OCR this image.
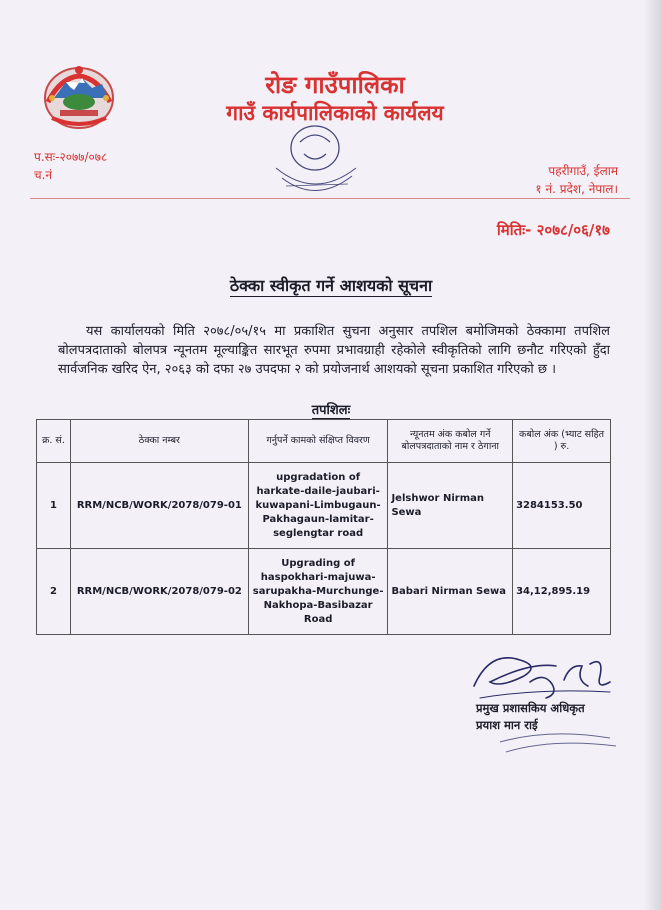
रोङ गाउँपालिका
गाउँ कार्यपालिकाको कार्यलय
प.सः-२०७७/०७८
च.नं	पहरीगाउँ, ईलाम
१ नं. प्रदेश, नेपाल।
मितिः- २०७८/०६/१७
ठेक्का स्वीकृत गर्ने आशयको सूचना
यस कार्यालयको मिति २०७८/०५/१५ मा प्रकाशित सुचना अनुसार तपशिल बमोजिमको ठेक्कामा तपशिल बोलपत्रदाताको बोलपत्र न्यूनतम मूल्याङ्कित सारभूत रुपमा प्रभावग्राही रहेकोले स्वीकृतिको लागि छनौट गरिएको हुँदा सार्वजनिक खरिद ऐन, २०६३ को दफा २७ उपदफा २ को प्रयोजनार्थ आशयको सूचना प्रकाशित गरिएको छ ।
तपशिलः
क्र. सं.	ठेक्का नम्बर	गर्नुपर्ने कामको संक्षिप्त विवरण	न्यूनतम अंक कबोल गर्ने बोलपत्रदाताको नाम र ठेगाना	कबोल अंक (भ्याट सहित ) रु.
1	RRM/NCB/WORK/2078/079-01	upgradation of harkate-daile-jaubari-kuwapani-Limbugaun-Pakhagaun-lamitar-seglengtar road	Jelshwor Nirman Sewa	3284153.50
2	RRM/NCB/WORK/2078/079-02	Upgrading of haspokhari-majuwa-sarupakha-Murchunge-Nakhopa-Basibazar Road	Babari Nirman Sewa	34,12,895.19
प्रमुख प्रशासकिय अधिकृत
प्रयाश मान राई
